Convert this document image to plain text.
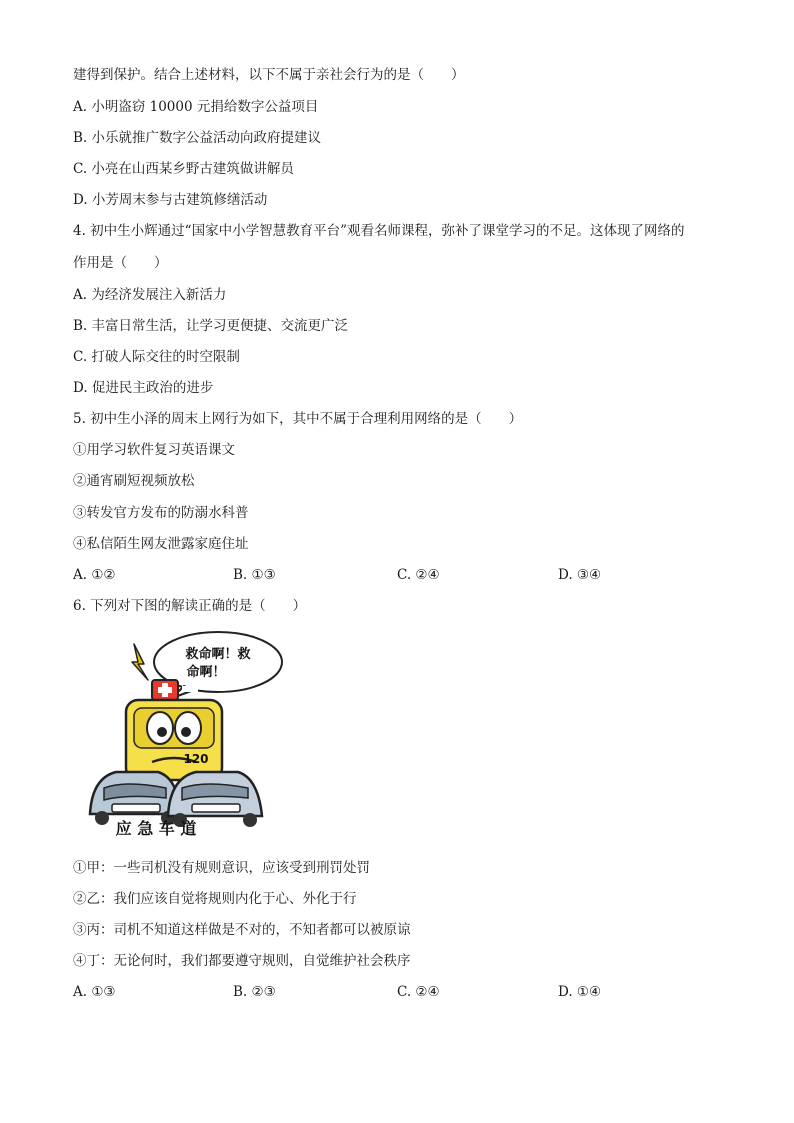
建得到保护。结合上述材料，以下不属于亲社会行为的是（　　）
A. 小明盗窃 10000 元捐给数字公益项目
B. 小乐就推广数字公益活动向政府提建议
C. 小亮在山西某乡野古建筑做讲解员
D. 小芳周末参与古建筑修缮活动
4. 初中生小辉通过“国家中小学智慧教育平台”观看名师课程，弥补了课堂学习的不足。这体现了网络的
作用是（　　）
A. 为经济发展注入新活力
B. 丰富日常生活，让学习更便捷、交流更广泛
C. 打破人际交往的时空限制
D. 促进民主政治的进步
5. 初中生小泽的周末上网行为如下，其中不属于合理利用网络的是（　　）
①用学习软件复习英语课文
②通宵刷短视频放松
③转发官方发布的防溺水科普
④私信陌生网友泄露家庭住址
A. ①②	B. ①③	C. ②④	D. ③④
6. 下列对下图的解读正确的是（　　）
救命啊！救
命啊！
120
应 急 车 道
①甲：一些司机没有规则意识，应该受到刑罚处罚
②乙：我们应该自觉将规则内化于心、外化于行
③丙：司机不知道这样做是不对的，不知者都可以被原谅
④丁：无论何时，我们都要遵守规则，自觉维护社会秩序
A. ①③	B. ②③	C. ②④	D. ①④
